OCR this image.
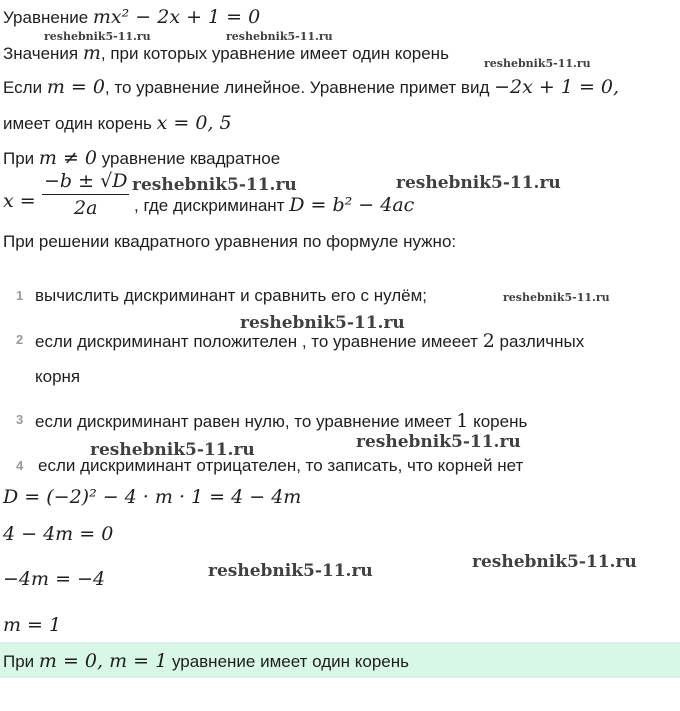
Уравнение mx² − 2x + 1 = 0
Значения m, при которых уравнение имеет один корень
Если m = 0, то уравнение линейное. Уравнение примет вид −2x + 1 = 0,
имеет один корень x = 0, 5
При m ≠ 0 уравнение квадратное
$x = \frac{-b \pm √D}{2a}$ , где дискриминант D = b² − 4ac
При решении квадратного уравнения по формуле нужно:
1 вычислить дискриминант и сравнить его с нулём;
2 если дискриминант положителен , то уравнение имееет 2 различных
корня
3 если дискриминант равен нулю, то уравнение имеет 1 корень
4 если дискриминант отрицателен, то записать, что корней нет
D = (−2)² − 4 · m · 1 = 4 − 4m
4 − 4m = 0
−4m = −4
m = 1
При m = 0, m = 1 уравнение имеет один корень
reshebnik5-11.ru	reshebnik5-11.ru
reshebnik5-11.ru
reshebnik5-11.ru	reshebnik5-11.ru
reshebnik5-11.ru
reshebnik5-11.ru
reshebnik5-11.ru	reshebnik5-11.ru
reshebnik5-11.ru
reshebnik5-11.ru
